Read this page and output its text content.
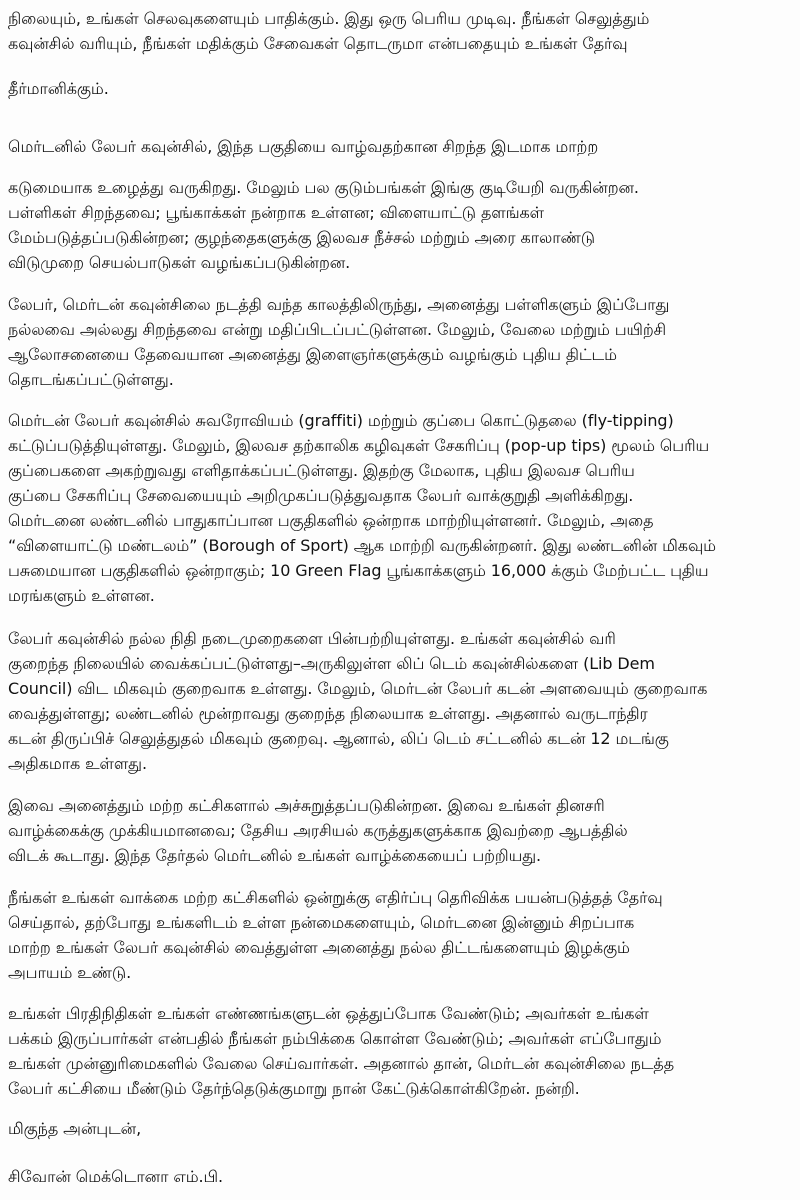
நிலையும், உங்கள் செலவுகளையும் பாதிக்கும். இது ஒரு பெரிய முடிவு. நீங்கள் செலுத்தும்
கவுன்சில் வரியும், நீங்கள் மதிக்கும் சேவைகள் தொடருமா என்பதையும் உங்கள் தேர்வு
தீர்மானிக்கும்.
மெர்டனில் லேபர் கவுன்சில், இந்த பகுதியை வாழ்வதற்கான சிறந்த இடமாக மாற்ற
கடுமையாக உழைத்து வருகிறது. மேலும் பல குடும்பங்கள் இங்கு குடியேறி வருகின்றன.
பள்ளிகள் சிறந்தவை; பூங்காக்கள் நன்றாக உள்ளன; விளையாட்டு தளங்கள்
மேம்படுத்தப்படுகின்றன; குழந்தைகளுக்கு இலவச நீச்சல் மற்றும் அரை காலாண்டு
விடுமுறை செயல்பாடுகள் வழங்கப்படுகின்றன.
லேபர், மெர்டன் கவுன்சிலை நடத்தி வந்த காலத்திலிருந்து, அனைத்து பள்ளிகளும் இப்போது
நல்லவை அல்லது சிறந்தவை என்று மதிப்பிடப்பட்டுள்ளன. மேலும், வேலை மற்றும் பயிற்சி
ஆலோசனையை தேவையான அனைத்து இளைஞர்களுக்கும் வழங்கும் புதிய திட்டம்
தொடங்கப்பட்டுள்ளது.
மெர்டன் லேபர் கவுன்சில் சுவரோவியம் (graffiti) மற்றும் குப்பை கொட்டுதலை (fly-tipping)
கட்டுப்படுத்தியுள்ளது. மேலும், இலவச தற்காலிக கழிவுகள் சேகரிப்பு (pop-up tips) மூலம் பெரிய
குப்பைகளை அகற்றுவது எளிதாக்கப்பட்டுள்ளது. இதற்கு மேலாக, புதிய இலவச பெரிய
குப்பை சேகரிப்பு சேவையையும் அறிமுகப்படுத்துவதாக லேபர் வாக்குறுதி அளிக்கிறது.
மெர்டனை லண்டனில் பாதுகாப்பான பகுதிகளில் ஒன்றாக மாற்றியுள்ளனர். மேலும், அதை
“விளையாட்டு மண்டலம்” (Borough of Sport) ஆக மாற்றி வருகின்றனர். இது லண்டனின் மிகவும்
பசுமையான பகுதிகளில் ஒன்றாகும்; 10 Green Flag பூங்காக்களும் 16,000 க்கும் மேற்பட்ட புதிய
மரங்களும் உள்ளன.
லேபர் கவுன்சில் நல்ல நிதி நடைமுறைகளை பின்பற்றியுள்ளது. உங்கள் கவுன்சில் வரி
குறைந்த நிலையில் வைக்கப்பட்டுள்ளது–அருகிலுள்ள லிப் டெம் கவுன்சில்களை (Lib Dem
Council) விட மிகவும் குறைவாக உள்ளது. மேலும், மெர்டன் லேபர் கடன் அளவையும் குறைவாக
வைத்துள்ளது; லண்டனில் மூன்றாவது குறைந்த நிலையாக உள்ளது. அதனால் வருடாந்திர
கடன் திருப்பிச் செலுத்துதல் மிகவும் குறைவு. ஆனால், லிப் டெம் சட்டனில் கடன் 12 மடங்கு
அதிகமாக உள்ளது.
இவை அனைத்தும் மற்ற கட்சிகளால் அச்சுறுத்தப்படுகின்றன. இவை உங்கள் தினசரி
வாழ்க்கைக்கு முக்கியமானவை; தேசிய அரசியல் கருத்துகளுக்காக இவற்றை ஆபத்தில்
விடக் கூடாது. இந்த தேர்தல் மெர்டனில் உங்கள் வாழ்க்கையைப் பற்றியது.
நீங்கள் உங்கள் வாக்கை மற்ற கட்சிகளில் ஒன்றுக்கு எதிர்ப்பு தெரிவிக்க பயன்படுத்தத் தேர்வு
செய்தால், தற்போது உங்களிடம் உள்ள நன்மைகளையும், மெர்டனை இன்னும் சிறப்பாக
மாற்ற உங்கள் லேபர் கவுன்சில் வைத்துள்ள அனைத்து நல்ல திட்டங்களையும் இழக்கும்
அபாயம் உண்டு.
உங்கள் பிரதிநிதிகள் உங்கள் எண்ணங்களுடன் ஒத்துப்போக வேண்டும்; அவர்கள் உங்கள்
பக்கம் இருப்பார்கள் என்பதில் நீங்கள் நம்பிக்கை கொள்ள வேண்டும்; அவர்கள் எப்போதும்
உங்கள் முன்னுரிமைகளில் வேலை செய்வார்கள். அதனால் தான், மெர்டன் கவுன்சிலை நடத்த
லேபர் கட்சியை மீண்டும் தேர்ந்தெடுக்குமாறு நான் கேட்டுக்கொள்கிறேன். நன்றி.
மிகுந்த அன்புடன்,
சிவோன் மெக்டொனா எம்.பி.
